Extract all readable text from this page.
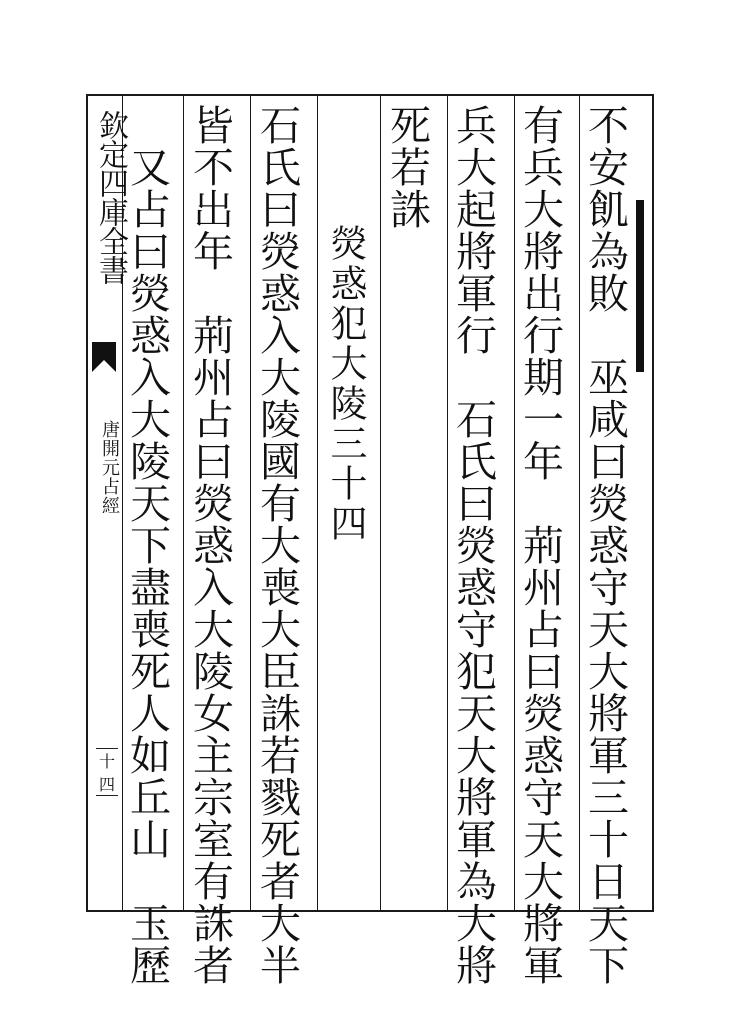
欽定四庫全書
唐開元占經
十四	不安飢為敗　巫咸曰熒惑守天大將軍三十日天下
有兵大將出行期一年　荊州占曰熒惑守天大將軍
兵大起將軍行　石氏曰熒惑守犯天大將軍為大將
死若誅
熒惑犯大陵三十四
石氏曰熒惑入大陵國有大喪大臣誅若戮死者大半
皆不出年　荊州占曰熒惑入大陵女主宗室有誅者
又占曰熒惑入大陵天下盡喪死人如丘山　玉歷
